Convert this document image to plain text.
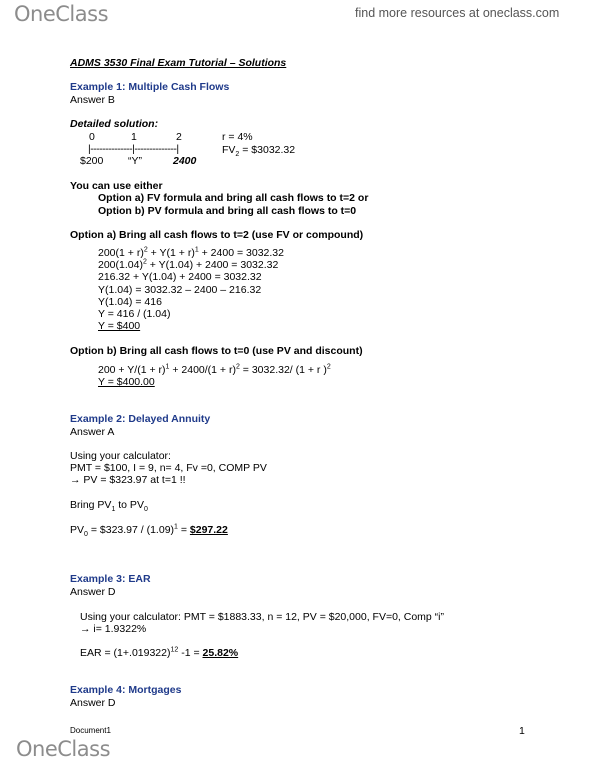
OneClass	find more resources at oneclass.com
ADMS 3530 Final Exam Tutorial – Solutions
Example 1: Multiple Cash Flows
Answer B
Detailed solution:
0	1	2	r = 4%
|--------------|--------------|	$FV_2$ = $3032.32
$200 “Y”	2400
You can use either
Option a) FV formula and bring all cash flows to t=2 or
Option b) PV formula and bring all cash flows to t=0
Option a) Bring all cash flows to t=2 (use FV or compound)
$200(1 + r)^2 + Y(1 + r)^1 + 2400 = 3032.32$
$200(1.04)^2 + Y(1.04) + 2400 = 3032.32$
216.32 + Y(1.04) + 2400 = 3032.32
Y(1.04) = 3032.32 – 2400 – 216.32
Y(1.04) = 416
Y = 416 / (1.04)
Y = $400
Option b) Bring all cash flows to t=0 (use PV and discount)
$200 + Y/(1 + r)^1 + 2400/(1 + r)^2 = 3032.32/$ (1 + r )$^2$
Y = $400.00
Example 2: Delayed Annuity
Answer A
Using your calculator:
PMT = $100, I = 9, n= 4, Fv =0, COMP PV
→ PV = $323.97 at t=1 !!
Bring $PV_1$ to $PV_0$
$PV_0$ = $323.97 / $(1.09)^1$ = $297.22
Example 3: EAR
Answer D
Using your calculator: PMT = $1883.33, n = 12, PV = $20,000, FV=0, Comp “i”
→ i= 1.9322%
EAR = $(1+.019322)^{12}$ -1 = 25.82%
Example 4: Mortgages
Answer D
Document1	1
OneClass
